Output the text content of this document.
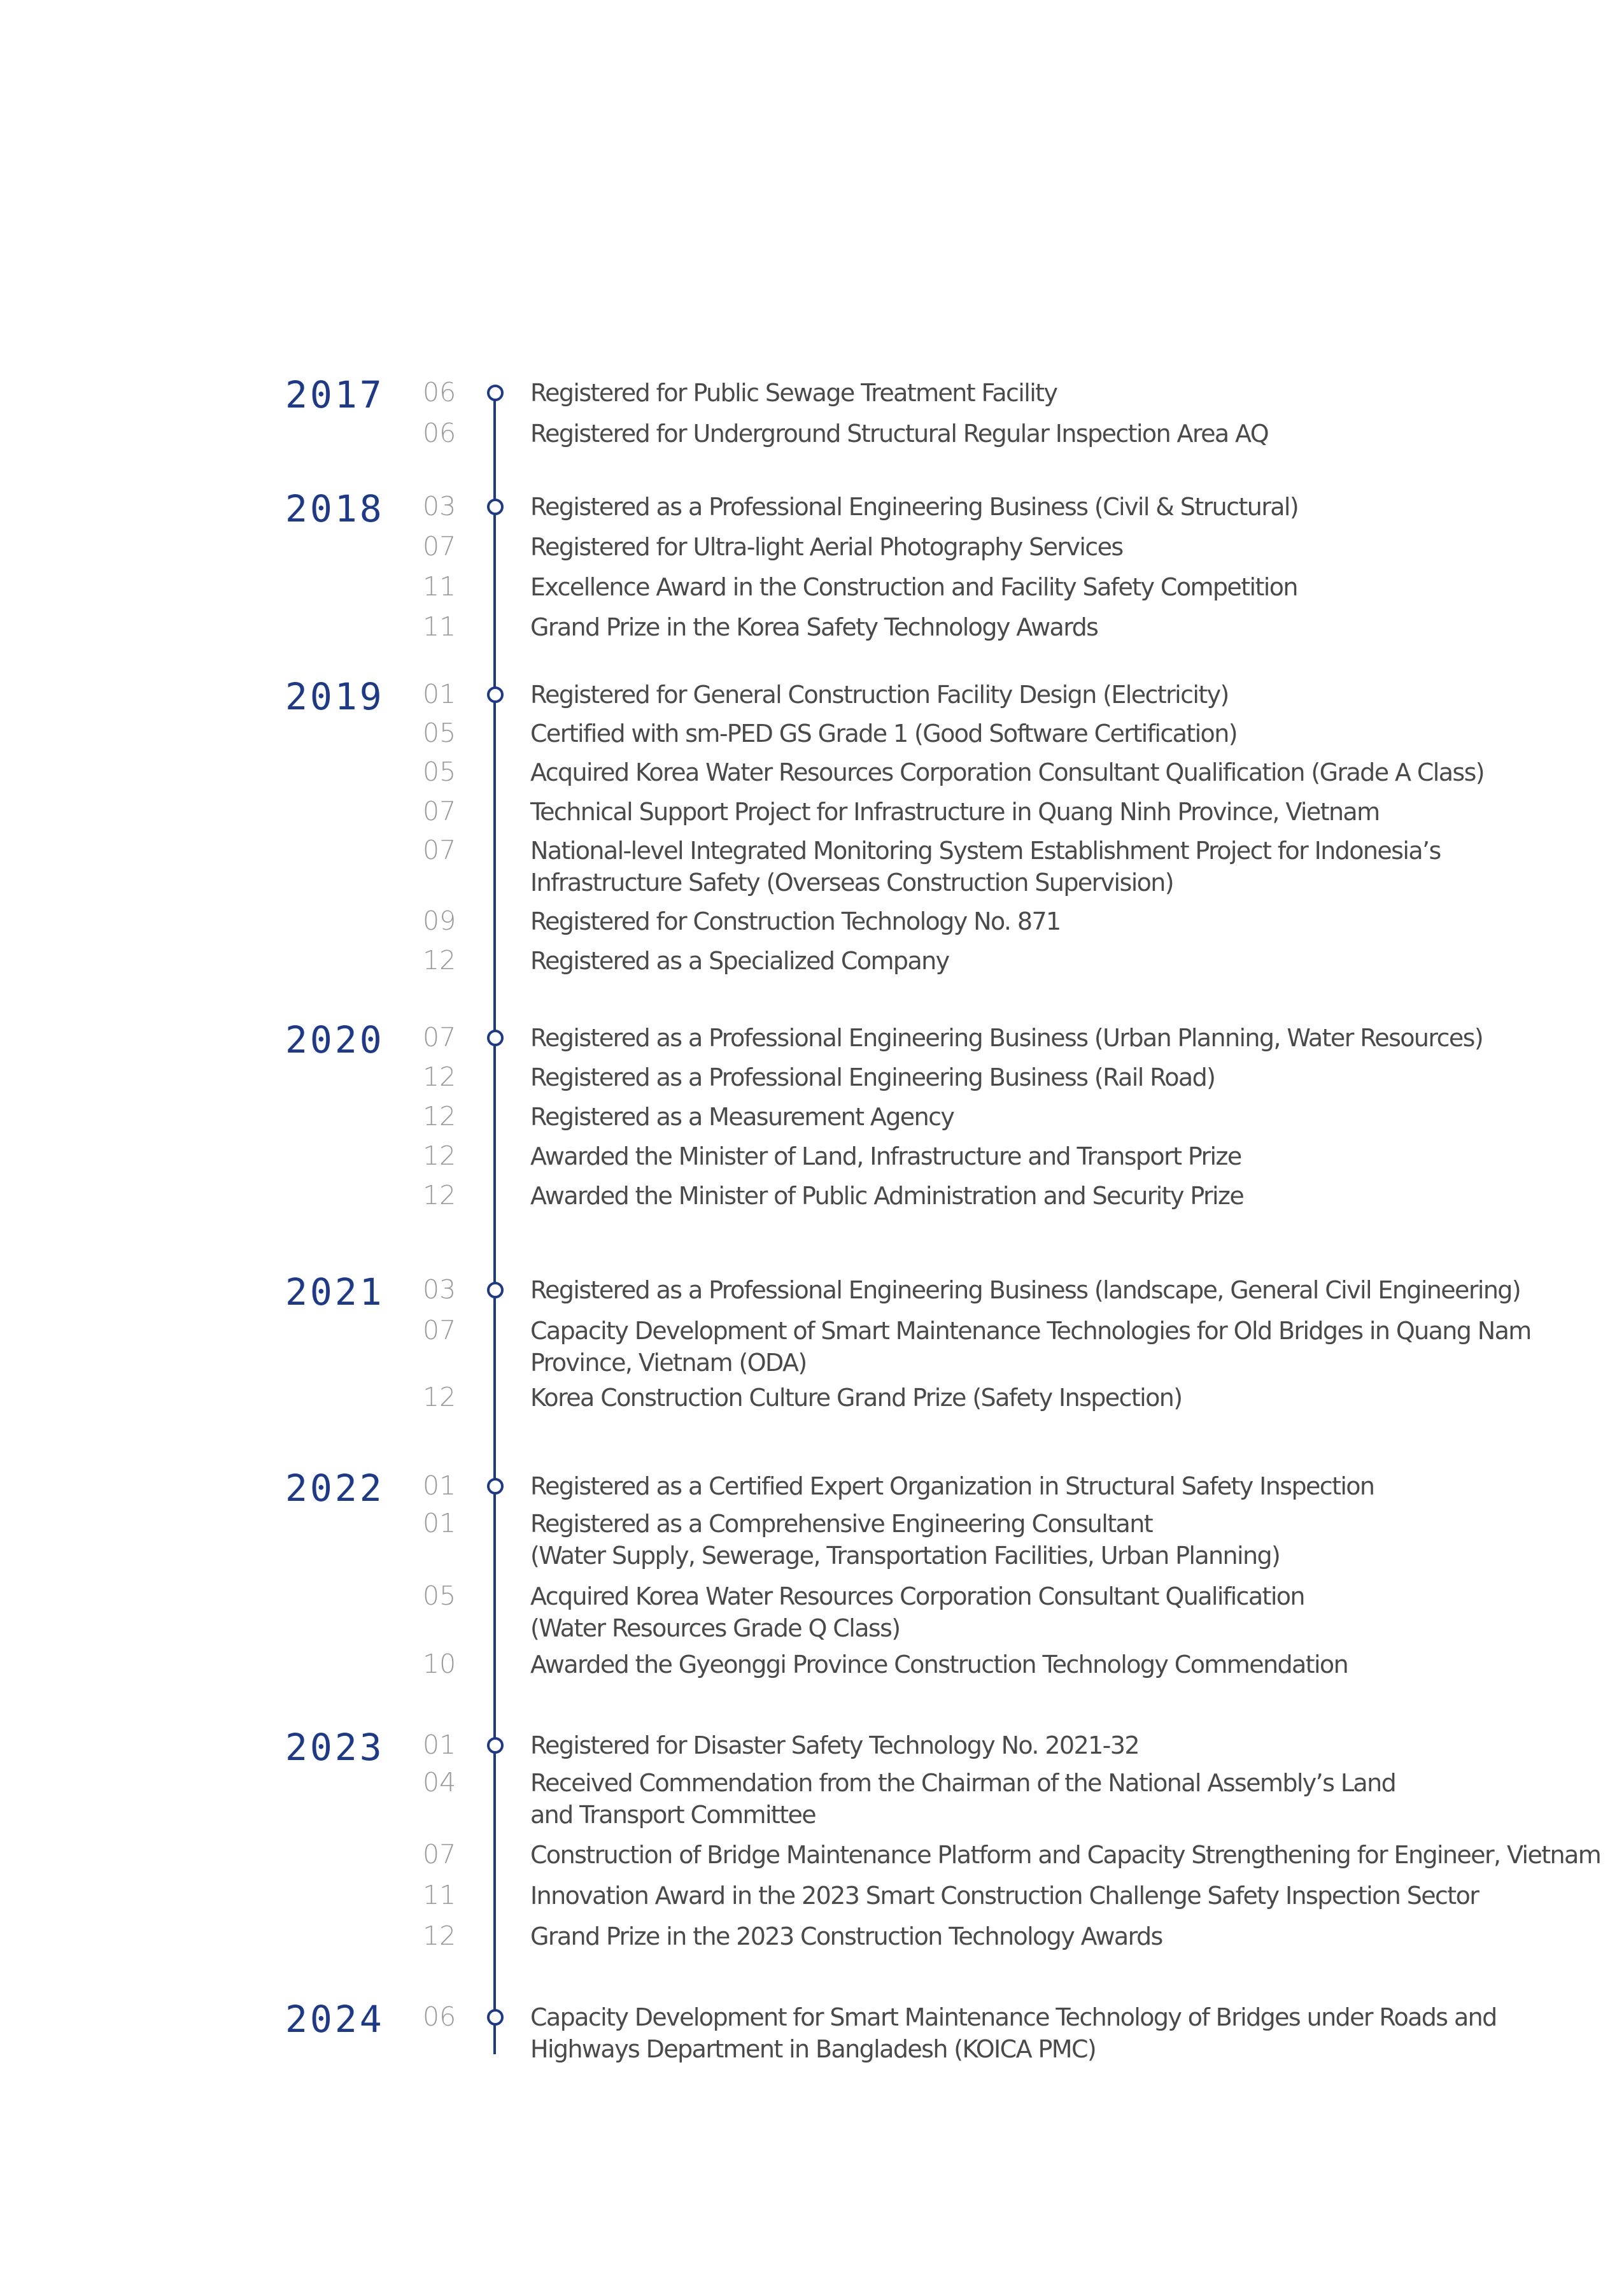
2017 06	Registered for Public Sewage Treatment Facility
06	Registered for Underground Structural Regular Inspection Area AQ
2018 03	Registered as a Professional Engineering Business (Civil & Structural)
07	Registered for Ultra-light Aerial Photography Services
11	Excellence Award in the Construction and Facility Safety Competition
11	Grand Prize in the Korea Safety Technology Awards
2019 01	Registered for General Construction Facility Design (Electricity)
05	Certified with sm-PED GS Grade 1 (Good Software Certification)
05	Acquired Korea Water Resources Corporation Consultant Qualification (Grade A Class)
07	Technical Support Project for Infrastructure in Quang Ninh Province, Vietnam
07	National-level Integrated Monitoring System Establishment Project for Indonesia’s
Infrastructure Safety (Overseas Construction Supervision)
09	Registered for Construction Technology No. 871
12	Registered as a Specialized Company
2020 07	Registered as a Professional Engineering Business (Urban Planning, Water Resources)
12	Registered as a Professional Engineering Business (Rail Road)
12	Registered as a Measurement Agency
12	Awarded the Minister of Land, Infrastructure and Transport Prize
12	Awarded the Minister of Public Administration and Security Prize
2021 03	Registered as a Professional Engineering Business (landscape, General Civil Engineering)
07	Capacity Development of Smart Maintenance Technologies for Old Bridges in Quang Nam
Province, Vietnam (ODA)
12	Korea Construction Culture Grand Prize (Safety Inspection)
2022 01	Registered as a Certified Expert Organization in Structural Safety Inspection
01	Registered as a Comprehensive Engineering Consultant
(Water Supply, Sewerage, Transportation Facilities, Urban Planning)
05	Acquired Korea Water Resources Corporation Consultant Qualification
(Water Resources Grade Q Class)
10	Awarded the Gyeonggi Province Construction Technology Commendation
2023 01	Registered for Disaster Safety Technology No. 2021-32
04	Received Commendation from the Chairman of the National Assembly’s Land
and Transport Committee
07	Construction of Bridge Maintenance Platform and Capacity Strengthening for Engineer, Vietnam
11	Innovation Award in the 2023 Smart Construction Challenge Safety Inspection Sector
12	Grand Prize in the 2023 Construction Technology Awards
2024 06	Capacity Development for Smart Maintenance Technology of Bridges under Roads and
Highways Department in Bangladesh (KOICA PMC)
